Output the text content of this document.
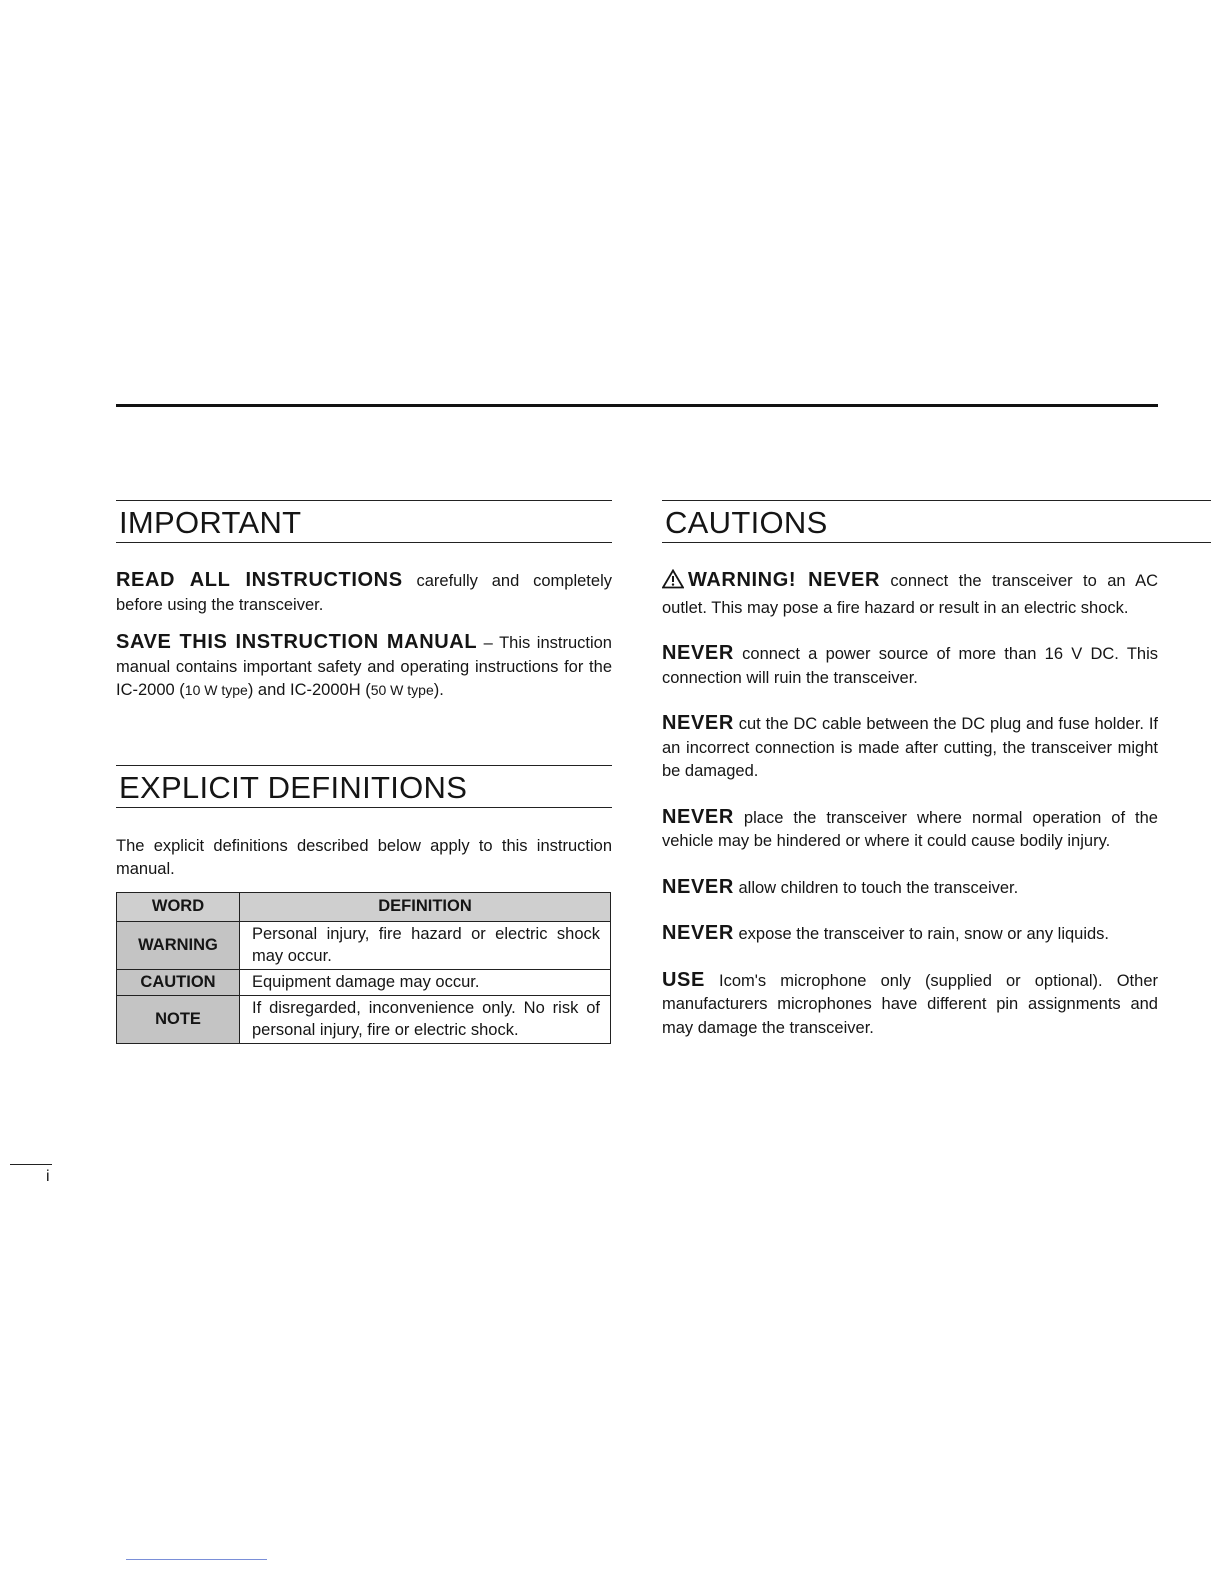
IMPORTANT

READ ALL INSTRUCTIONS carefully and completely before using the transceiver.

SAVE THIS INSTRUCTION MANUAL – This instruction manual contains important safety and operating instructions for the IC-2000 (10 W type) and IC-2000H (50 W type).

EXPLICIT DEFINITIONS

The explicit definitions described below apply to this instruction manual.

WORD	DEFINITION
WARNING	Personal injury, fire hazard or electric shock may occur.
CAUTION	Equipment damage may occur.
NOTE	If disregarded, inconvenience only. No risk of personal injury, fire or electric shock.
CAUTIONS

WARNING! NEVER connect the transceiver to an AC outlet. This may pose a fire hazard or result in an electric shock.

NEVER connect a power source of more than 16 V DC. This connection will ruin the transceiver.

NEVER cut the DC cable between the DC plug and fuse holder. If an incorrect connection is made after cutting, the transceiver might be damaged.

NEVER place the transceiver where normal operation of the vehicle may be hindered or where it could cause bodily injury.

NEVER allow children to touch the transceiver.

NEVER expose the transceiver to rain, snow or any liquids.

USE Icom's microphone only (supplied or optional). Other manufacturers microphones have different pin assignments and may damage the transceiver.

i
